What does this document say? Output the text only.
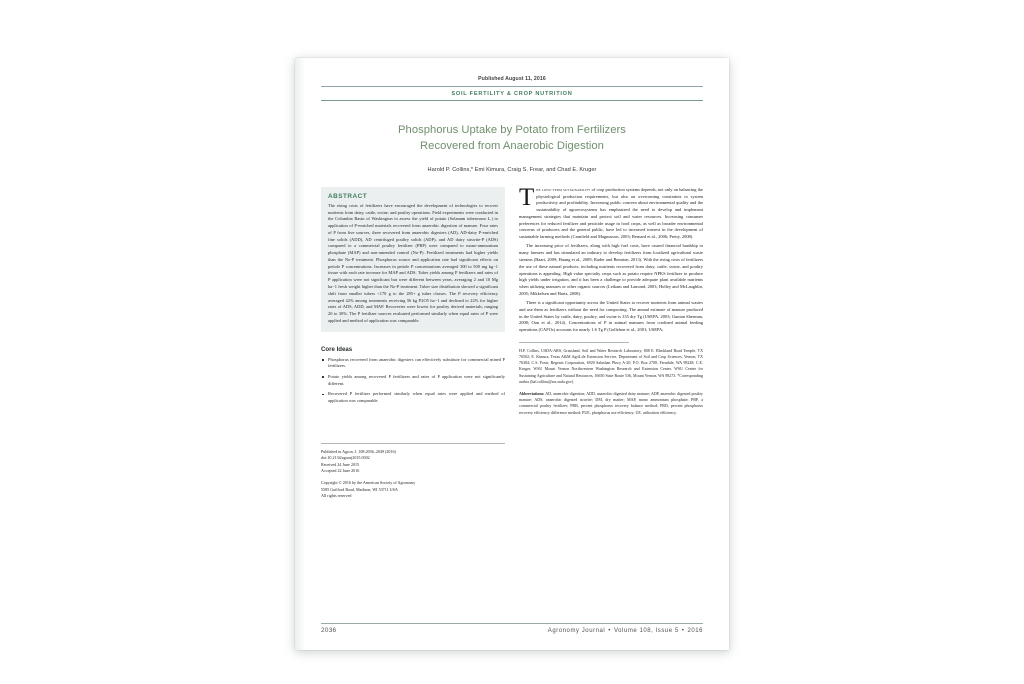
Published August 11, 2016
SOIL FERTILITY & CROP NUTRITION
Phosphorus Uptake by Potato from Fertilizers
Recovered from Anaerobic Digestion
Harold P. Collins,* Emi Kimura, Craig S. Frear, and Chad E. Kruger
ABSTRACT

The rising costs of fertilizers have encouraged the development of technologies to recover nutrients from dairy, cattle, swine, and poultry operations. Field experiments were conducted in the Columbia Basin of Washington to assess the yield of potato (Solanum tuberosum L.) to application of P-enriched materials recovered from anaerobic digestion of manure. Four rates of P from five sources, three recovered from anaerobic digesters (AD), AD-dairy P-enriched fine solids (ADD), AD centrifuged poultry solids (ADP), and AD dairy struvite-P (ADS) compared to a commercial poultry fertilizer (PBP) were compared to mono-ammonium phosphate (MAP) and non-amended control (No-P). Fertilized treatments had higher yields than the No-P treatment. Phosphorus source and application rate had significant effects on petiole P concentrations. Increases in petiole P concentrations averaged 300 to 500 mg kg−1 tissue with each rate increase for MAP and ADS. Tuber yields among P fertilizers and rates of P application were not significant but were different between years, averaging 2 and 10 Mg ha−1 fresh weight higher than the No-P treatment. Tuber size distribution showed a significant shift from smaller tubers <170 g to the 285+ g tuber classes. The P recovery efficiency averaged 42% among treatments receiving 56 kg P2O5 ha−1 and declined to 22% for higher rates of ADS, ADD, and MAP. Recoveries were lowest for poultry derived materials, ranging 20 to 30%. The P fertilizer sources evaluated performed similarly when equal rates of P were applied and method of application was comparable.

Core Ideas
Phosphorus recovered from anaerobic digesters can effectively substitute for commercial mined P fertilizers.
Potato yields among recovered P fertilizers and rates of P application were not significantly different.
Recovered P fertilizer performed similarly when equal rates were applied and method of application was comparable.
Published in Agron. J. 108:2036–2049 (2016)
doi:10.2134/agronj2015.0302
Received 24 June 2015
Accepted 22 June 2016
Copyright © 2016 by the American Society of Agronomy
5585 Guilford Road, Madison, WI 53711 USA
All rights reserved

The long-term sustainability of crop production systems depends, not only on balancing the physiological production requirements, but also on overcoming constraints to system productivity and profitability. Increasing public concern about environmental quality and the sustainability of agroecosystems has emphasized the need to develop and implement management strategies that maintain and protect soil and water resources. Increasing consumer preferences for reduced fertilizer and pesticide usage in food crops, as well as broader environmental concerns of producers and the general public, have led to increased interest in the development of sustainable farming methods (Cranfield and Magnusson, 2003; Bernard et al., 2006; Pretty, 2008).

The increasing price of fertilizers, along with high fuel costs, have caused financial hardship to many farmers and has stimulated an industry to develop fertilizers from localized agricultural waste streams (Haart, 2009; Huang et al., 2009; Ruder and Bennion, 2013). With the rising costs of fertilizers the use of these natural products, including nutrients recovered from dairy, cattle, swine, and poultry operations is appealing. High value specialty crops such as potato require NPKS fertilizer to produce high yields under irrigation, and it has been a challenge to provide adequate plant available nutrients when utilizing manures or other organic sources (Leikam and Lamond, 2003; Holley and McLaughlin, 2005; Mikkelsen and Hartz, 2008).

There is a significant opportunity across the United States to recover nutrients from animal wastes and use them as fertilizers without the need for composting. The annual estimate of manure produced in the United States by cattle, dairy, poultry, and swine is 335 dry Tg (USEPA, 2003; Gunian Sherman, 2008; Oun et al., 2014). Concentrations of P in animal manures from confined animal feeding operations (CAFOs) accounts for nearly 1.6 Tg P (Gollehon et al., 2001; USEPA,

H.P. Collins, USDA-ARS, Grassland, Soil and Water Research Laboratory, 808 E. Blackland Road Temple, TX 76502; E. Kimura, Texas A&M AgriLife Extension Service, Department of Soil and Crop Sciences, Vernon, TX 76384; C.S. Frear, Regenis Corporation, 6920 Salashan Pkwy A-20, P.O. Box 2708, Ferndale, WA 98248; C.E. Kruger, WSU Mount Vernon Northwestern Washington Research and Extension Center, WSU Center for Sustaining Agriculture and Natural Resources, 16650 State Route 536, Mount Vernon, WA 98273. *Corresponding author (hal.collins@ars.usda.gov).

Abbreviations: AD, anaerobic digestion; ADD, anaerobic digested dairy manure; ADP, anaerobic digested poultry manure; ADS, anaerobic digested struvite; DM, dry matter; MAP, mono ammonium phosphate; PBP, a commercial poultry fertilizer; PRB, percent phosphorus recovery balance method; PRD, percent phosphorus recovery efficiency difference method; PUE, phosphorus use efficiency; UE, utilization efficiency.

2036	Agronomy Journal • Volume 108, Issue 5 • 2016
